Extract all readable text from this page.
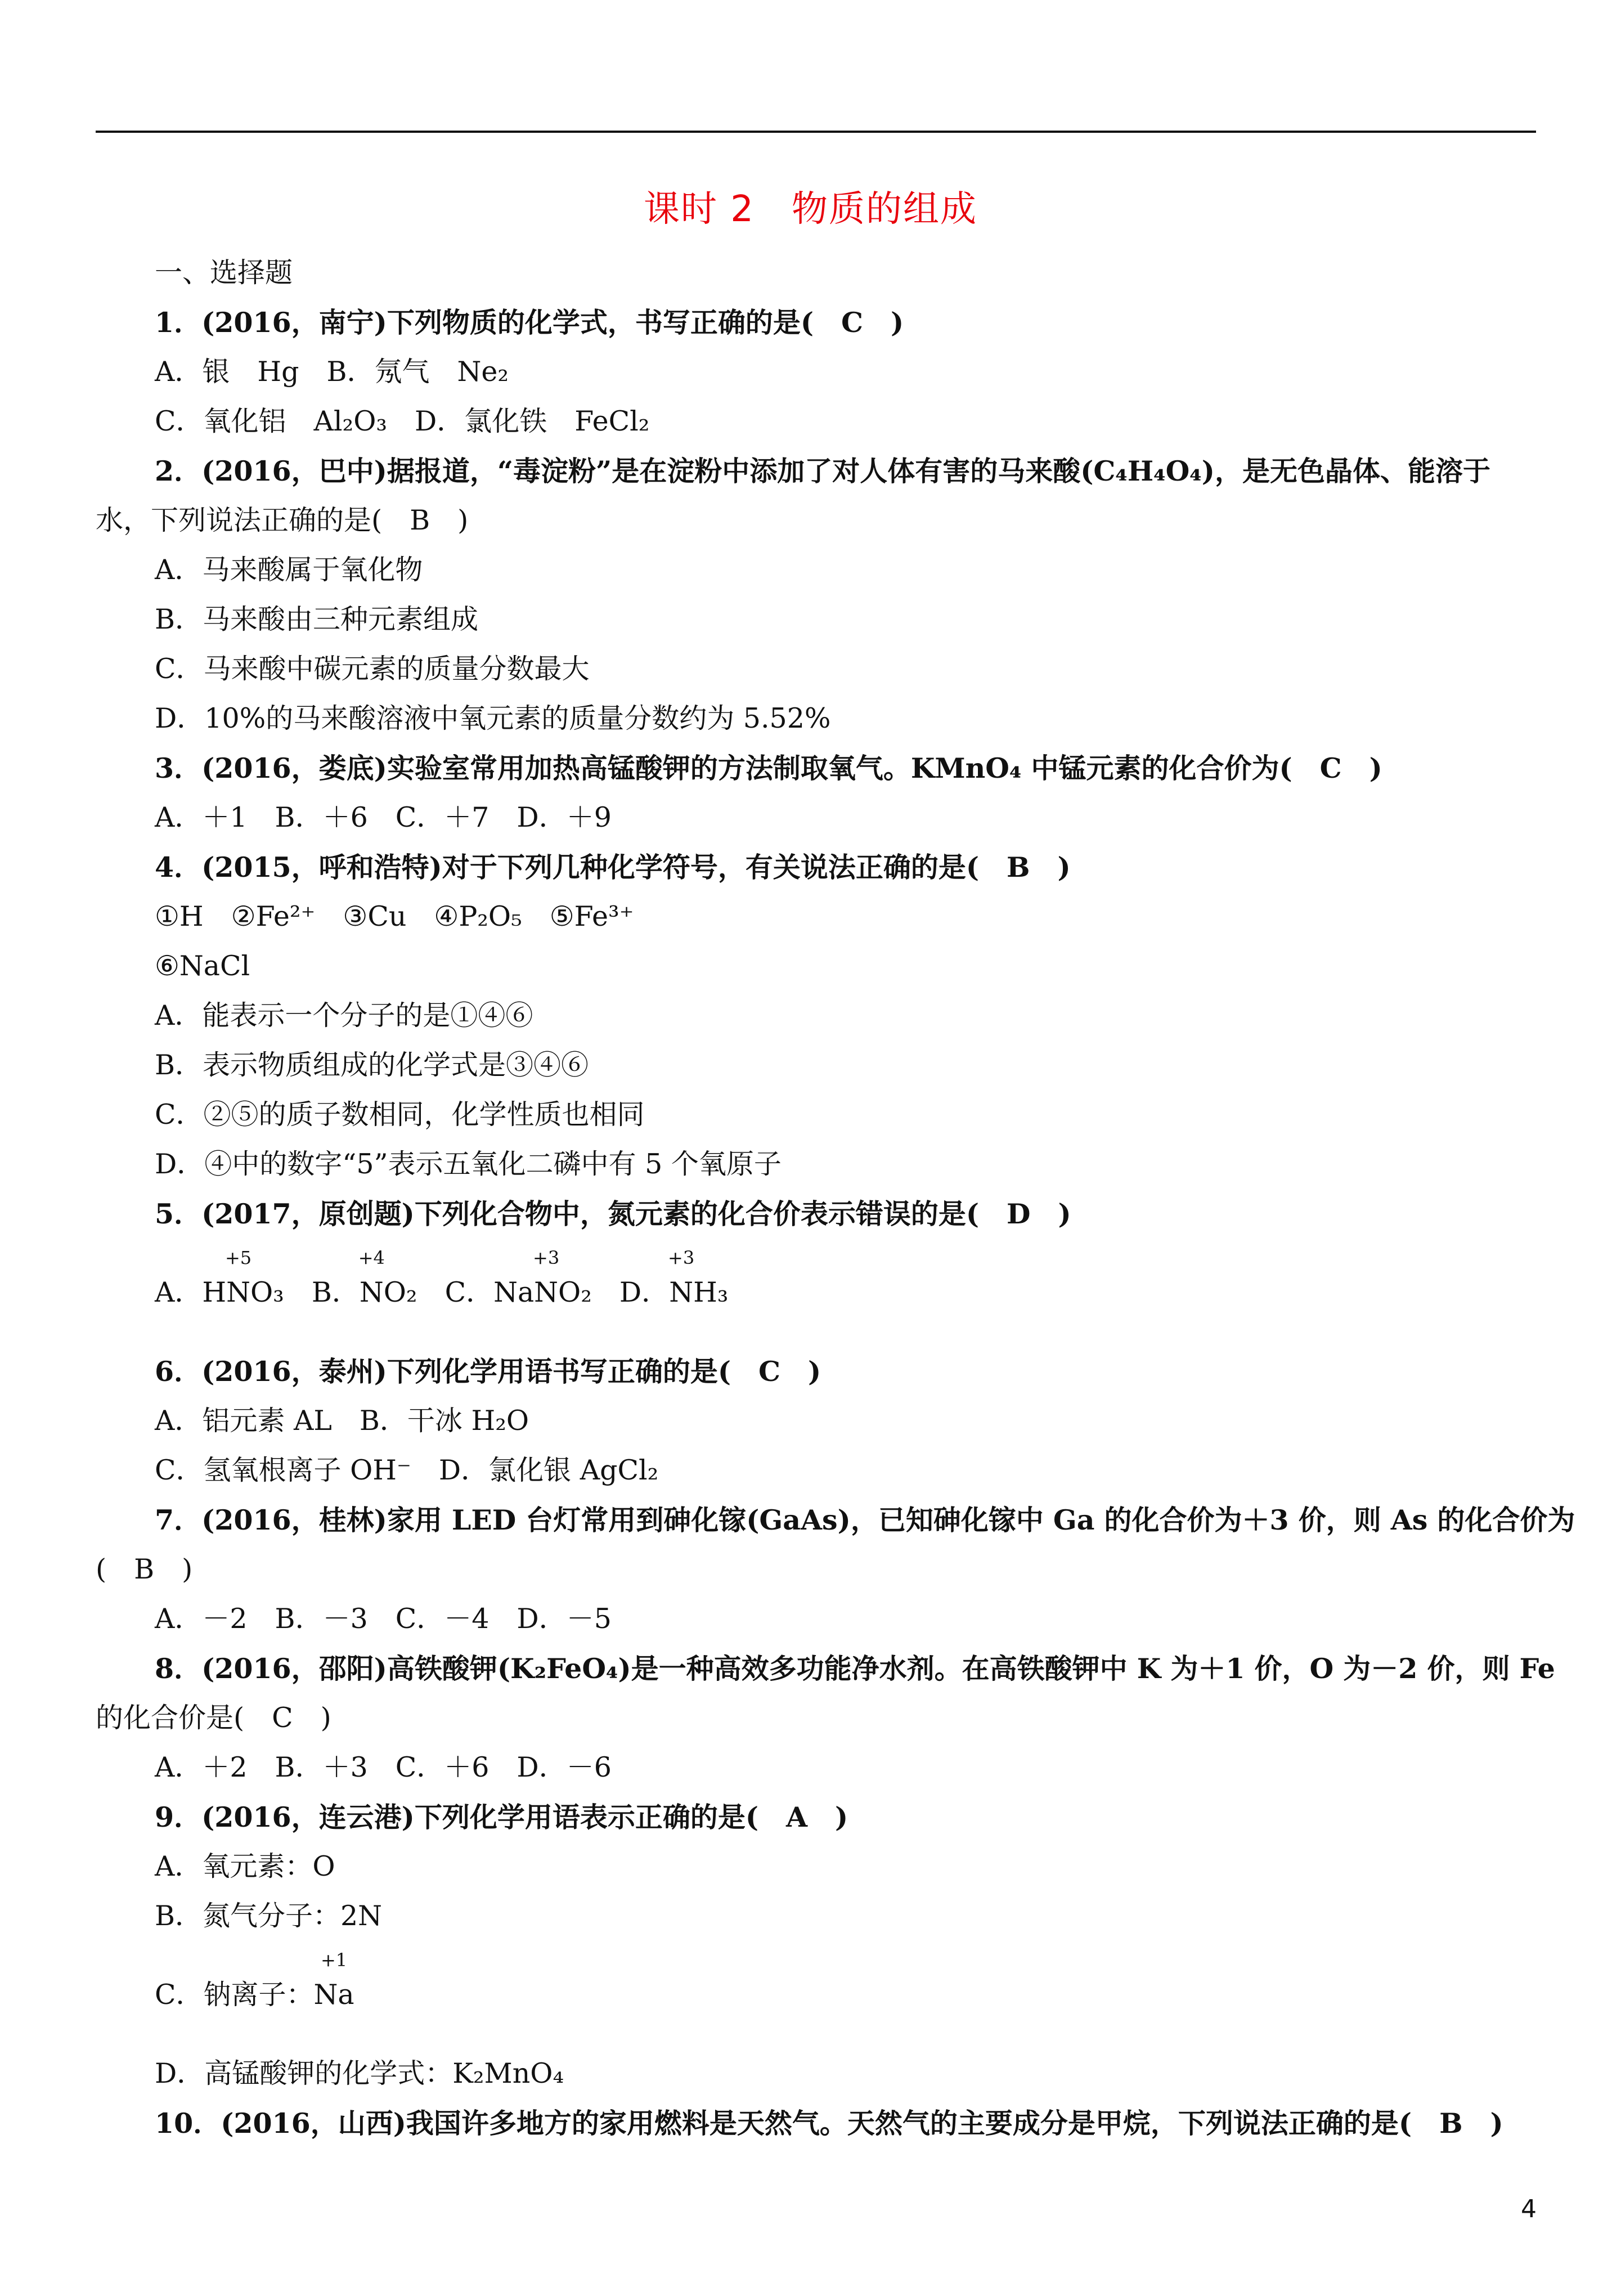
课时 2　物质的组成
一、选择题
1．(2016，南宁)下列物质的化学式，书写正确的是(　C　)
A．银　Hg　B．氖气　Ne₂
C．氧化铝　Al₂O₃　D．氯化铁　FeCl₂
2．(2016，巴中)据报道，“毒淀粉”是在淀粉中添加了对人体有害的马来酸(C₄H₄O₄)，是无色晶体、能溶于
水，下列说法正确的是(　B　)
A．马来酸属于氧化物
B．马来酸由三种元素组成
C．马来酸中碳元素的质量分数最大
D．10%的马来酸溶液中氧元素的质量分数约为 5.52%
3．(2016，娄底)实验室常用加热高锰酸钾的方法制取氧气。KMnO₄ 中锰元素的化合价为(　C　)
A．＋1　B．＋6　C．＋7　D．＋9
4．(2015，呼和浩特)对于下列几种化学符号，有关说法正确的是(　B　)
①H　②Fe²⁺　③Cu　④P₂O₅　⑤Fe³⁺
⑥NaCl
A．能表示一个分子的是①④⑥
B．表示物质组成的化学式是③④⑥
C．②⑤的质子数相同，化学性质也相同
D．④中的数字“5”表示五氧化二磷中有 5 个氧原子
5．(2017，原创题)下列化合物中，氮元素的化合价表示错误的是(　D　)
A．H
+5
NO₃　 B．
+4
NO₂　 C．Na
+3
NO₂　 D．
+3
NH₃
6．(2016，泰州)下列化学用语书写正确的是(　C　)
A．铝元素 AL　B．干冰 H₂O
C．氢氧根离子 OH⁻　D．氯化银 AgCl₂
7．(2016，桂林)家用 LED 台灯常用到砷化镓(GaAs)，已知砷化镓中 Ga 的化合价为＋3 价，则 As 的化合价为
(　B　)
A．－2　B．－3　C．－4　D．－5
8．(2016，邵阳)高铁酸钾(K₂FeO₄)是一种高效多功能净水剂。在高铁酸钾中 K 为＋1 价，O 为－2 价，则 Fe
的化合价是(　C　)
A．＋2　B．＋3　C．＋6　D．－6
9．(2016，连云港)下列化学用语表示正确的是(　A　)
A．氧元素：O
B．氮气分子：2N
C．钠离子：
+1
Na
D．高锰酸钾的化学式：K₂MnO₄
10．(2016，山西)我国许多地方的家用燃料是天然气。天然气的主要成分是甲烷，下列说法正确的是(　B　)
4
